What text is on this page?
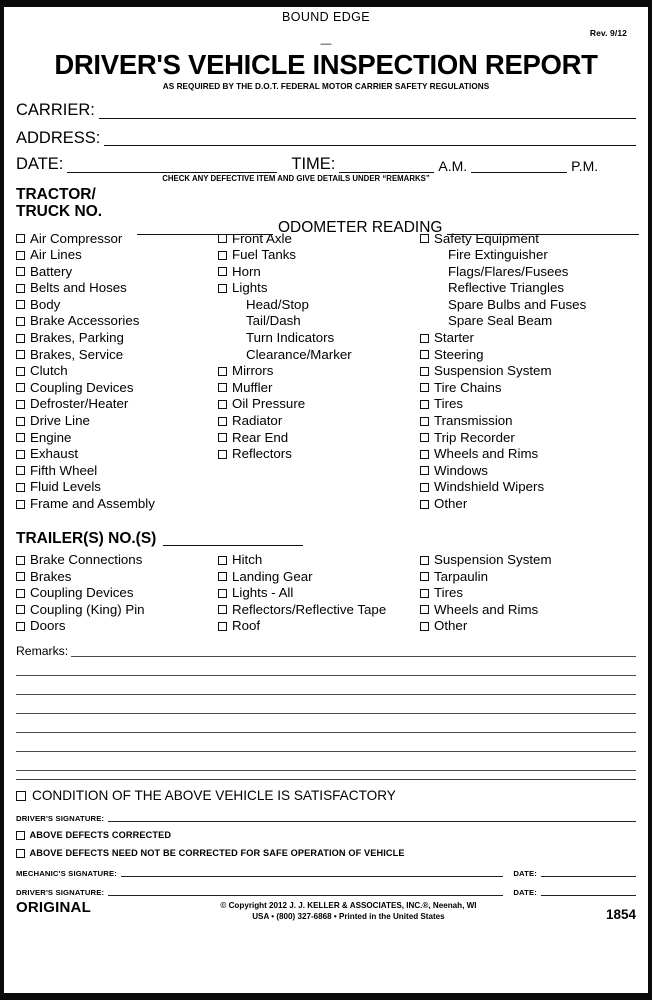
BOUND EDGE
Rev. 9/12
—
DRIVER'S VEHICLE INSPECTION REPORT
AS REQUIRED BY THE D.O.T. FEDERAL MOTOR CARRIER SAFETY REGULATIONS
CARRIER:
ADDRESS:
DATE:	TIME:	A.M.	P.M.
CHECK ANY DEFECTIVE ITEM AND GIVE DETAILS UNDER “REMARKS”
TRACTOR/
TRUCK NO.
ODOMETER READING
Air Compressor
Air Lines
Battery
Belts and Hoses
Body
Brake Accessories
Brakes, Parking
Brakes, Service
Clutch
Coupling Devices
Defroster/Heater
Drive Line
Engine
Exhaust
Fifth Wheel
Fluid Levels
Frame and Assembly
Front Axle
Fuel Tanks
Horn
Lights
Head/Stop
Tail/Dash
Turn Indicators
Clearance/Marker
Mirrors
Muffler
Oil Pressure
Radiator
Rear End
Reflectors
Safety Equipment
Fire Extinguisher
Flags/Flares/Fusees
Reflective Triangles
Spare Bulbs and Fuses
Spare Seal Beam
Starter
Steering
Suspension System
Tire Chains
Tires
Transmission
Trip Recorder
Wheels and Rims
Windows
Windshield Wipers
Other
TRAILER(S) NO.(S)
Brake Connections
Brakes
Coupling Devices
Coupling (King) Pin
Doors
Hitch
Landing Gear
Lights - All
Reflectors/Reflective Tape
Roof
Suspension System
Tarpaulin
Tires
Wheels and Rims
Other
Remarks:
CONDITION OF THE ABOVE VEHICLE IS SATISFACTORY
DRIVER'S SIGNATURE:
ABOVE DEFECTS CORRECTED
ABOVE DEFECTS NEED NOT BE CORRECTED FOR SAFE OPERATION OF VEHICLE
MECHANIC'S SIGNATURE:	DATE:
DRIVER'S SIGNATURE:	DATE:
ORIGINAL	© Copyright 2012 J. J. KELLER & ASSOCIATES, INC.®, Neenah, WI
USA • (800) 327-6868 • Printed in the United States	1854
